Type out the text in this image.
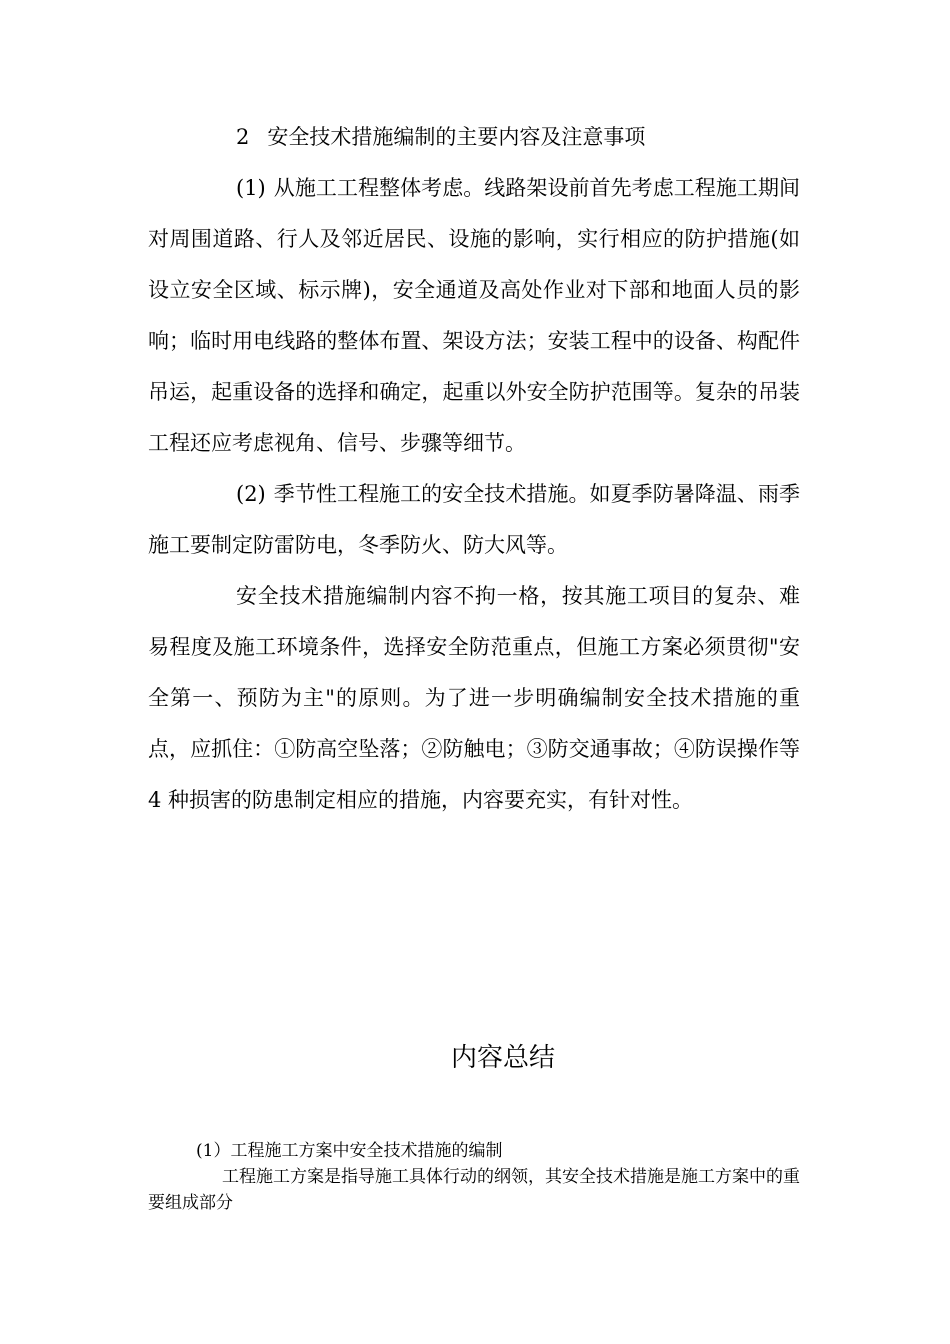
2 安全技术措施编制的主要内容及注意事项

(1) 从施工工程整体考虑。线路架设前首先考虑工程施工期间对周围道路、行人及邻近居民、设施的影响，实行相应的防护措施(如设立安全区域、标示牌)，安全通道及高处作业对下部和地面人员的影响；临时用电线路的整体布置、架设方法；安装工程中的设备、构配件吊运，起重设备的选择和确定，起重以外安全防护范围等。复杂的吊装工程还应考虑视角、信号、步骤等细节。

(2) 季节性工程施工的安全技术措施。如夏季防暑降温、雨季施工要制定防雷防电，冬季防火、防大风等。

安全技术措施编制内容不拘一格，按其施工项目的复杂、难易程度及施工环境条件，选择安全防范重点，但施工方案必须贯彻"安全第一、预防为主"的原则。为了进一步明确编制安全技术措施的重点，应抓住：①防高空坠落；②防触电；③防交通事故；④防误操作等 4 种损害的防患制定相应的措施，内容要充实，有针对性。

内容总结

(1）工程施工方案中安全技术措施的编制
工程施工方案是指导施工具体行动的纲领，其安全技术措施是施工方案中的重要组成部分
